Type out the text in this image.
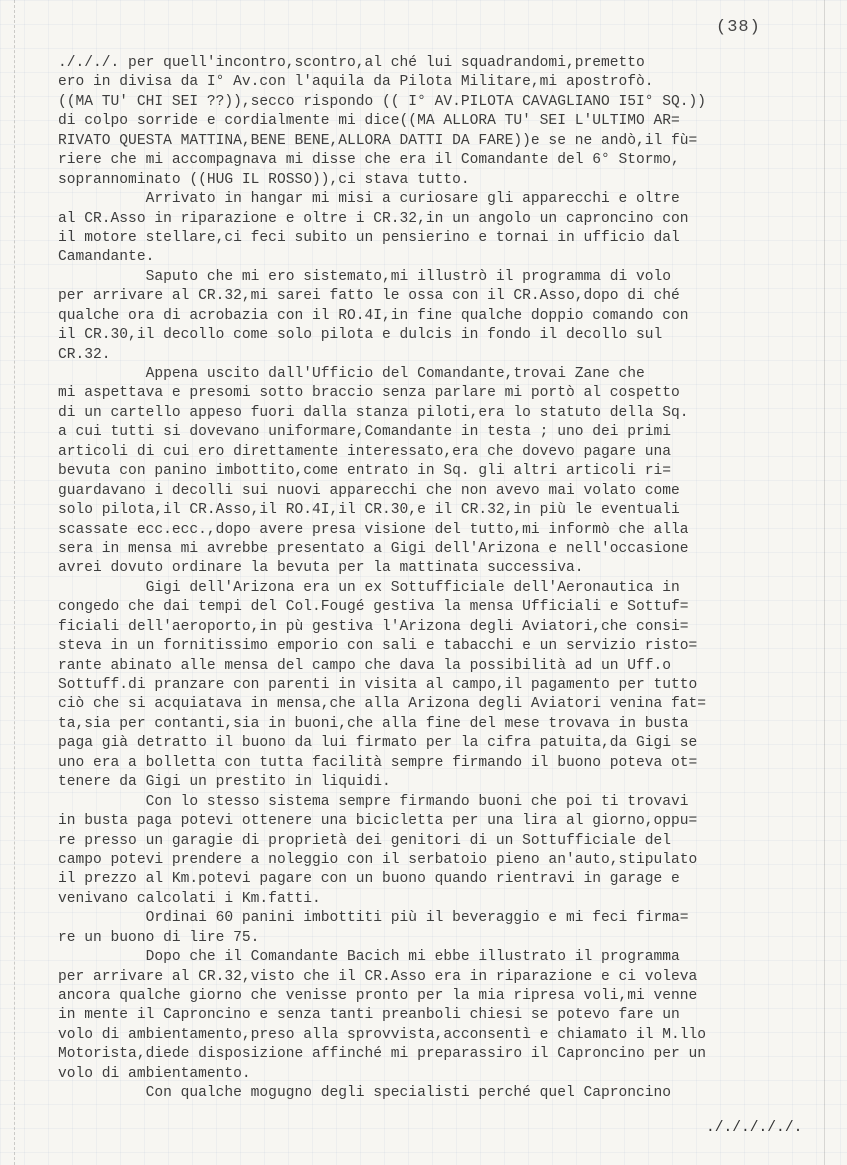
(38)
./././. per quell'incontro,scontro,al ché lui squadrandomi,premetto
ero in divisa da I° Av.con l'aquila da Pilota Militare,mi apostrofò.
((MA TU' CHI SEI ??)),secco rispondo (( I° AV.PILOTA CAVAGLIANO I5I° SQ.))
di colpo sorride e cordialmente mi dice((MA ALLORA TU' SEI L'ULTIMO AR=
RIVATO QUESTA MATTINA,BENE BENE,ALLORA DATTI DA FARE))e se ne andò,il fù=
riere che mi accompagnava mi disse che era il Comandante del 6° Stormo,
soprannominato ((HUG IL ROSSO)),ci stava tutto.
Arrivato in hangar mi misi a curiosare gli apparecchi e oltre
al CR.Asso in riparazione e oltre i CR.32,in un angolo un caproncino con
il motore stellare,ci feci subito un pensierino e tornai in ufficio dal
Camandante.
Saputo che mi ero sistemato,mi illustrò il programma di volo
per arrivare al CR.32,mi sarei fatto le ossa con il CR.Asso,dopo di ché
qualche ora di acrobazia con il RO.4I,in fine qualche doppio comando con
il CR.30,il decollo come solo pilota e dulcis in fondo il decollo sul
CR.32.
Appena uscito dall'Ufficio del Comandante,trovai Zane che
mi aspettava e presomi sotto braccio senza parlare mi portò al cospetto
di un cartello appeso fuori dalla stanza piloti,era lo statuto della Sq.
a cui tutti si dovevano uniformare,Comandante in testa ; uno dei primi
articoli di cui ero direttamente interessato,era che dovevo pagare una
bevuta con panino imbottito,come entrato in Sq. gli altri articoli ri=
guardavano i decolli sui nuovi apparecchi che non avevo mai volato come
solo pilota,il CR.Asso,il RO.4I,il CR.30,e il CR.32,in più le eventuali
scassate ecc.ecc.,dopo avere presa visione del tutto,mi informò che alla
sera in mensa mi avrebbe presentato a Gigi dell'Arizona e nell'occasione
avrei dovuto ordinare la bevuta per la mattinata successiva.
Gigi dell'Arizona era un ex Sottufficiale dell'Aeronautica in
congedo che dai tempi del Col.Fougé gestiva la mensa Ufficiali e Sottuf=
ficiali dell'aeroporto,in pù gestiva l'Arizona degli Aviatori,che consi=
steva in un fornitissimo emporio con sali e tabacchi e un servizio risto=
rante abinato alle mensa del campo che dava la possibilità ad un Uff.o
Sottuff.di pranzare con parenti in visita al campo,il pagamento per tutto
ciò che si acquiatava in mensa,che alla Arizona degli Aviatori venina fat=
ta,sia per contanti,sia in buoni,che alla fine del mese trovava in busta
paga già detratto il buono da lui firmato per la cifra patuita,da Gigi se
uno era a bolletta con tutta facilità sempre firmando il buono poteva ot=
tenere da Gigi un prestito in liquidi.
Con lo stesso sistema sempre firmando buoni che poi ti trovavi
in busta paga potevi ottenere una bicicletta per una lira al giorno,oppu=
re presso un garagie di proprietà dei genitori di un Sottufficiale del
campo potevi prendere a noleggio con il serbatoio pieno an'auto,stipulato
il prezzo al Km.potevi pagare con un buono quando rientravi in garage e
venivano calcolati i Km.fatti.
Ordinai 60 panini imbottiti più il beveraggio e mi feci firma=
re un buono di lire 75.
Dopo che il Comandante Bacich mi ebbe illustrato il programma
per arrivare al CR.32,visto che il CR.Asso era in riparazione e ci voleva
ancora qualche giorno che venisse pronto per la mia ripresa voli,mi venne
in mente il Caproncino e senza tanti preanboli chiesi se potevo fare un
volo di ambientamento,preso alla sprovvista,acconsentì e chiamato il M.llo
Motorista,diede disposizione affinché mi preparassiro il Caproncino per un
volo di ambientamento.
Con qualche mogugno degli specialisti perché quel Caproncino
./././././.
